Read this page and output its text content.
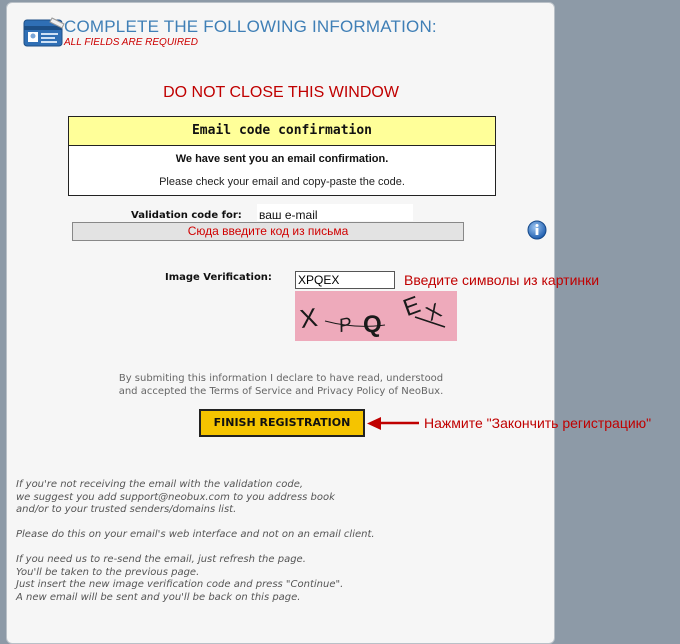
COMPLETE THE FOLLOWING INFORMATION:
ALL FIELDS ARE REQUIRED
DO NOT CLOSE THIS WINDOW
Email code confirmation
We have sent you an email confirmation.
Please check your email and copy-paste the code.
Validation code for: ваш e-mail
Сюда введите код из письма
Image Verification: XPQEX	Введите символы из картинки
X P Q
E
X
By submiting this information I declare to have read, understood
and accepted the Terms of Service and Privacy Policy of NeoBux.
FINISH REGISTRATION	Нажмите "Закончить регистрацию"

If you're not receiving the email with the validation code,
we suggest you add support@neobux.com to you address book
and/or to your trusted senders/domains list.

Please do this on your email's web interface and not on an email client.

If you need us to re-send the email, just refresh the page.
You'll be taken to the previous page.
Just insert the new image verification code and press "Continue".
A new email will be sent and you'll be back on this page.
